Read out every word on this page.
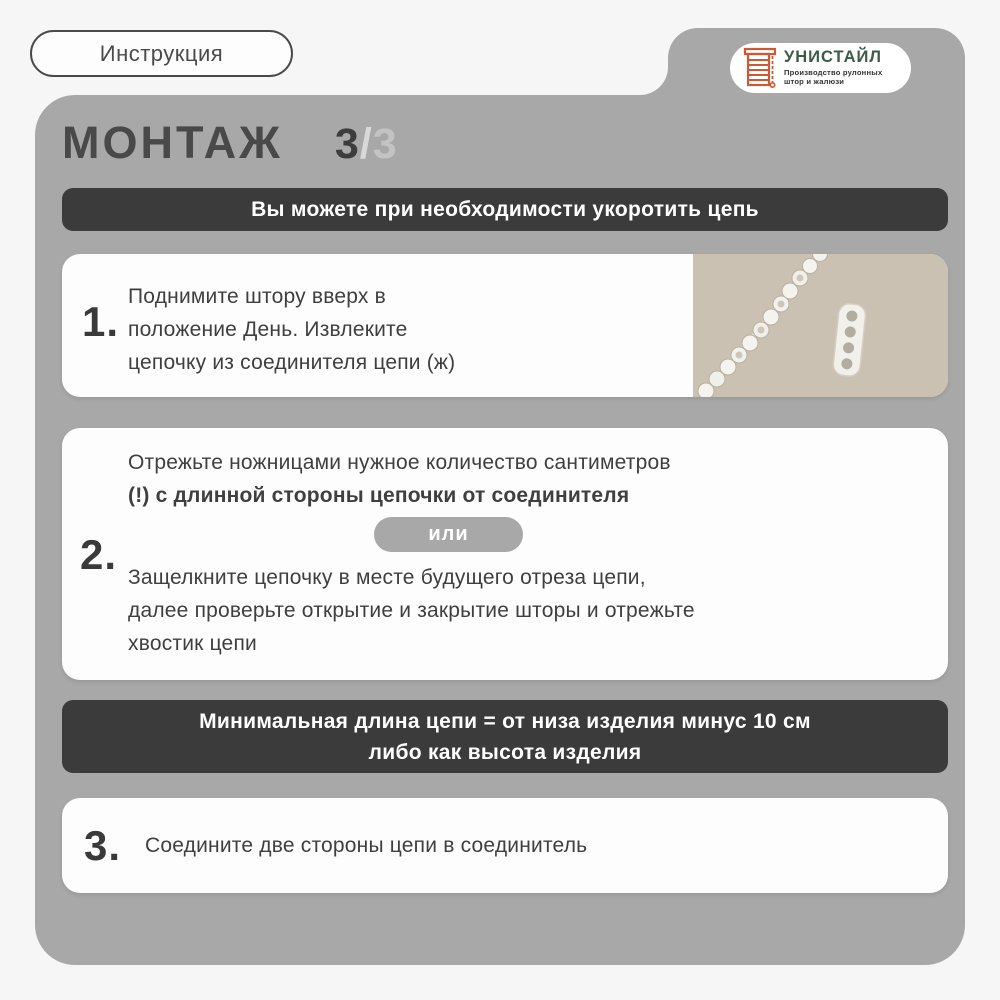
Инструкция	УНИСТАЙЛ
Производство рулонных
штор и жалюзи
МОНТАЖ 3/3
Вы можете при необходимости укоротить цепь
1.
Поднимите штору вверх в
положение День. Извлеките
цепочку из соединителя цепи (ж)
Отрежьте ножницами нужное количество сантиметров
(!) с длинной стороны цепочки от соединителя
или
2. Защелкните цепочку в месте будущего отреза цепи,
далее проверьте открытие и закрытие шторы и отрежьте
хвостик цепи
Минимальная длина цепи = от низа изделия минус 10 см
либо как высота изделия
3. Соедините две стороны цепи в соединитель
